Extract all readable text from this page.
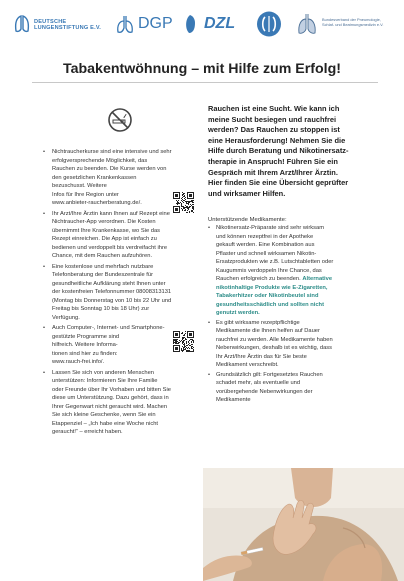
DEUTSCHE
LUNGENSTIFTUNG E.V. DGP DZL	Bundesverband der Pneumologie,
Schlaf- und Beatmungsmedizin e.V.
Tabakentwöhnung – mit Hilfe zum Erfolg!
• Nichtraucherkurse sind eine intensive und sehr
erfolgversprechende Möglichkeit, das
Rauchen zu beenden. Die Kurse werden von
den gesetzlichen Krankenkassen
bezuschusst. Weitere
Infos für Ihre Region unter
www.anbieter-raucherberatung.de/.
• Ihr Arzt/Ihre Ärztin kann Ihnen auf Rezept eine
Nichtraucher-App verordnen. Die Kosten
übernimmt Ihre Krankenkasse, wo Sie das
Rezept einreichen. Die App ist einfach zu
bedienen und verdoppelt bis verdreifacht ihre
Chance, mit dem Rauchen aufzuhören.
• Eine kostenlose und mehrfach nutzbare
Telefonberatung der Bundeszentrale für
gesundheitliche Aufklärung steht Ihnen unter
der kostenfreien Telefonnummer 08008313131
(Montag bis Donnerstag von 10 bis 22 Uhr und
Freitag bis Sonntag 10 bis 18 Uhr) zur
Verfügung.
• Auch Computer-, Internet- und Smartphone-
gestützte Programme sind
hilfreich. Weitere Informa-
tionen sind hier zu finden:
www.rauch-frei.info/.
• Lassen Sie sich von anderen Menschen
unterstützen: Informieren Sie Ihre Familie
oder Freunde über Ihr Vorhaben und bitten Sie
diese um Unterstützung. Dazu gehört, dass in
Ihrer Gegenwart nicht geraucht wird. Machen
Sie sich kleine Geschenke, wenn Sie ein
Etappenziel – „Ich habe eine Woche nicht
geraucht!“ – erreicht haben.

Rauchen ist eine Sucht. Wie kann ich
meine Sucht besiegen und rauchfrei
werden? Das Rauchen zu stoppen ist
eine Herausforderung! Nehmen Sie die
Hilfe durch Beratung und Nikotinersatz-
therapie in Anspruch! Führen Sie ein
Gespräch mit Ihrem Arzt/Ihrer Ärztin.
Hier finden Sie eine Übersicht geprüfter
und wirksamer Hilfen.

Unterstützende Medikamente:
• Nikotinersatz-Präparate sind sehr wirksam
und können rezeptfrei in der Apotheke
gekauft werden. Eine Kombination aus
Pflaster und schnell wirksamen Nikotin-
Ersatzprodukten wie z.B. Lutschtabletten oder
Kaugummis verdoppeln Ihre Chance, das
Rauchen erfolgreich zu beenden. Alternative
nikotinhaltige Produkte wie E-Zigaretten,
Tabakerhitzer oder Nikotinbeutel sind
gesundheitsschädlich und sollten nicht
genutzt werden.
• Es gibt wirksame rezeptpflichtige
Medikamente die Ihnen helfen auf Dauer
rauchfrei zu werden. Alle Medikamente haben
Nebenwirkungen, deshalb ist es wichtig, dass
Ihr Arzt/Ihre Ärztin das für Sie beste
Medikament verschreibt.
• Grundsätzlich gilt: Fortgesetztes Rauchen
schadet mehr, als eventuelle und
vorübergehende Nebenwirkungen der
Medikamente
